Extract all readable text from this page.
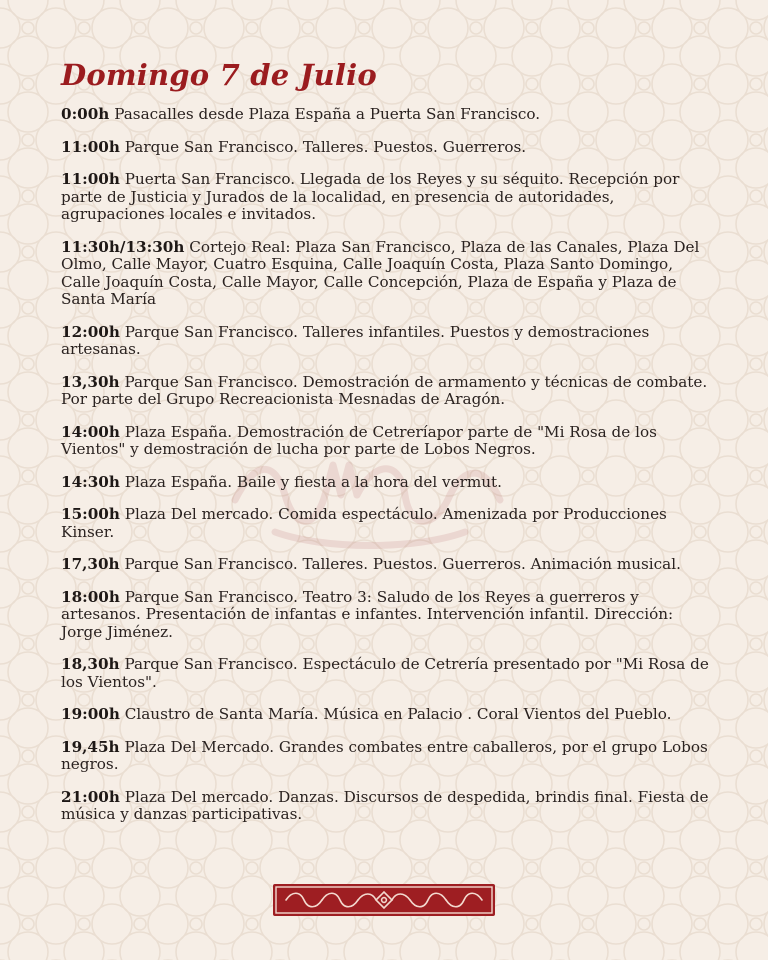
Domingo 7 de Julio
0:00h Pasacalles desde Plaza España a Puerta San Francisco.
11:00h Parque San Francisco. Talleres. Puestos. Guerreros.
11:00h Puerta San Francisco. Llegada de los Reyes y su séquito. Recepción por parte de Justicia y Jurados de la localidad, en presencia de autoridades, agrupaciones locales e invitados.
11:30h/13:30h Cortejo Real: Plaza San Francisco, Plaza de las Canales, Plaza Del Olmo, Calle Mayor, Cuatro Esquina, Calle Joaquín Costa, Plaza Santo Domingo, Calle Joaquín Costa, Calle Mayor, Calle Concepción, Plaza de España y Plaza de Santa María
12:00h Parque San Francisco. Talleres infantiles. Puestos y demostraciones artesanas.
13,30h Parque San Francisco. Demostración de armamento y técnicas de combate. Por parte del Grupo Recreacionista Mesnadas de Aragón.
14:00h Plaza España. Demostración de Cetreríapor parte de "Mi Rosa de los Vientos" y demostración de lucha por parte de Lobos Negros.
14:30h Plaza España. Baile y fiesta a la hora del vermut.
15:00h Plaza Del mercado. Comida espectáculo. Amenizada por Producciones Kinser.
17,30h Parque San Francisco. Talleres. Puestos. Guerreros. Animación musical.
18:00h Parque San Francisco. Teatro 3: Saludo de los Reyes a guerreros y artesanos. Presentación de infantas e infantes. Intervención infantil. Dirección: Jorge Jiménez.
18,30h Parque San Francisco. Espectáculo de Cetrería presentado por "Mi Rosa de los Vientos".
19:00h Claustro de Santa María. Música en Palacio . Coral Vientos del Pueblo.
19,45h Plaza Del Mercado. Grandes combates entre caballeros, por el grupo Lobos negros.
21:00h Plaza Del mercado. Danzas. Discursos de despedida, brindis final. Fiesta de música y danzas participativas.
